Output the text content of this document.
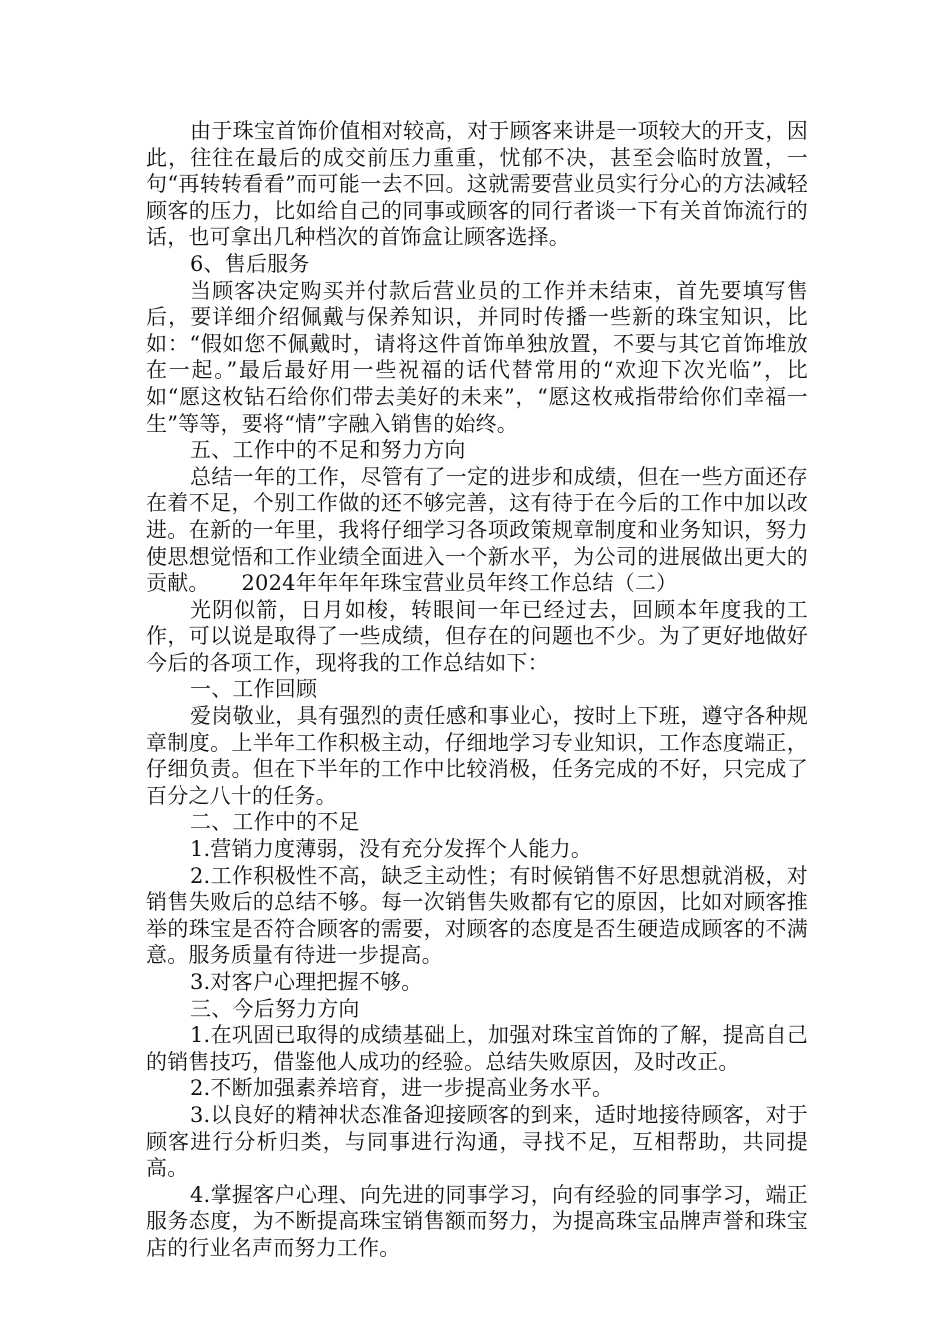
由于珠宝首饰价值相对较高，对于顾客来讲是一项较大的开支，因此，往往在最后的成交前压力重重，忧郁不决，甚至会临时放置，一句“再转转看看”而可能一去不回。这就需要营业员实行分心的方法减轻顾客的压力，比如给自己的同事或顾客的同行者谈一下有关首饰流行的话，也可拿出几种档次的首饰盒让顾客选择。

6、售后服务

当顾客决定购买并付款后营业员的工作并未结束，首先要填写售后，要详细介绍佩戴与保养知识，并同时传播一些新的珠宝知识，比如：“假如您不佩戴时，请将这件首饰单独放置，不要与其它首饰堆放在一起。”最后最好用一些祝福的话代替常用的“欢迎下次光临”，比如“愿这枚钻石给你们带去美好的未来”，“愿这枚戒指带给你们幸福一生”等等，要将“情”字融入销售的始终。

五、工作中的不足和努力方向

总结一年的工作，尽管有了一定的进步和成绩，但在一些方面还存在着不足，个别工作做的还不够完善，这有待于在今后的工作中加以改进。在新的一年里，我将仔细学习各项政策规章制度和业务知识，努力使思想觉悟和工作业绩全面进入一个新水平，为公司的进展做出更大的贡献。　　2024年年年年珠宝营业员年终工作总结（二）

光阴似箭，日月如梭，转眼间一年已经过去，回顾本年度我的工作，可以说是取得了一些成绩，但存在的问题也不少。为了更好地做好今后的各项工作，现将我的工作总结如下：

一、工作回顾

爱岗敬业，具有强烈的责任感和事业心，按时上下班，遵守各种规章制度。上半年工作积极主动，仔细地学习专业知识，工作态度端正，仔细负责。但在下半年的工作中比较消极，任务完成的不好，只完成了百分之八十的任务。

二、工作中的不足

1.营销力度薄弱，没有充分发挥个人能力。

2.工作积极性不高，缺乏主动性；有时候销售不好思想就消极，对销售失败后的总结不够。每一次销售失败都有它的原因，比如对顾客推举的珠宝是否符合顾客的需要，对顾客的态度是否生硬造成顾客的不满意。服务质量有待进一步提高。

3.对客户心理把握不够。

三、今后努力方向

1.在巩固已取得的成绩基础上，加强对珠宝首饰的了解，提高自己的销售技巧，借鉴他人成功的经验。总结失败原因，及时改正。

2.不断加强素养培育，进一步提高业务水平。

3.以良好的精神状态准备迎接顾客的到来，适时地接待顾客，对于顾客进行分析归类，与同事进行沟通，寻找不足，互相帮助，共同提高。

4.掌握客户心理、向先进的同事学习，向有经验的同事学习，端正服务态度，为不断提高珠宝销售额而努力，为提高珠宝品牌声誉和珠宝店的行业名声而努力工作。
